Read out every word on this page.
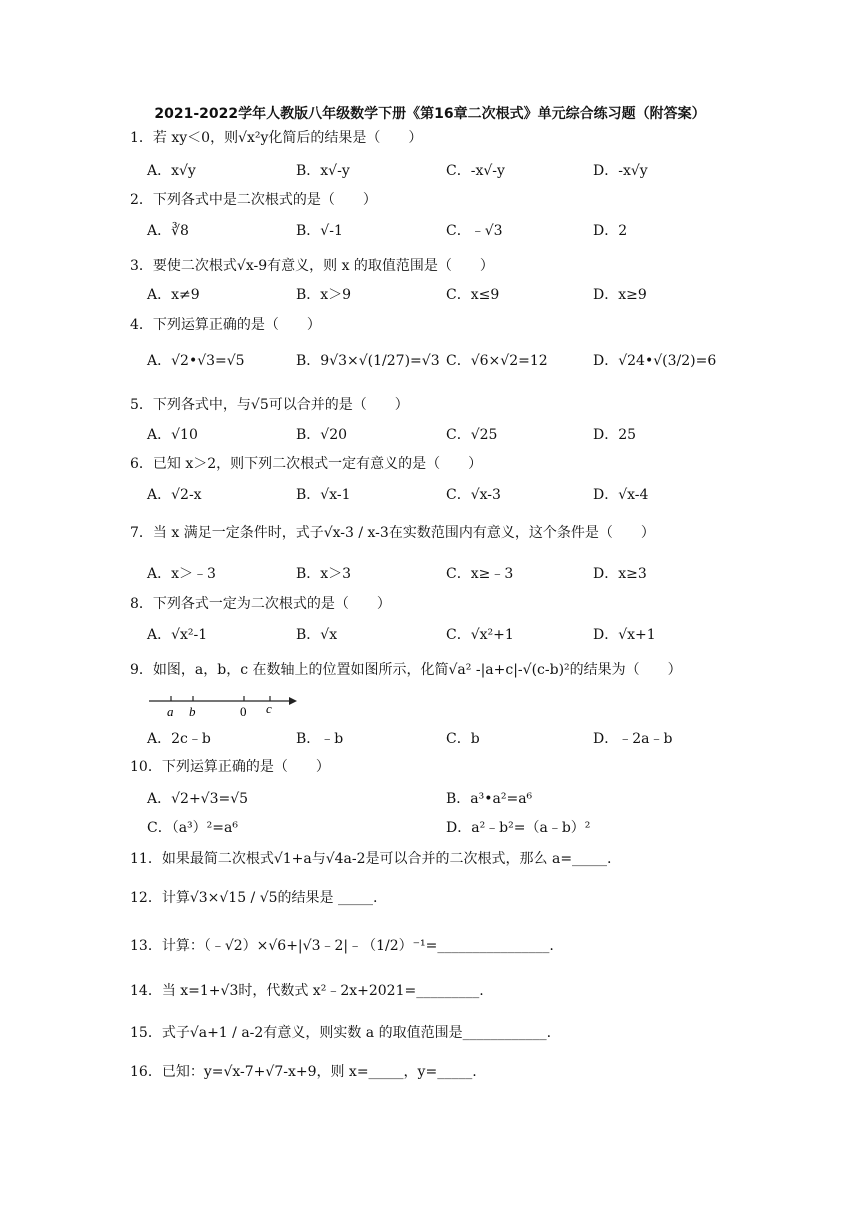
2021-2022学年人教版八年级数学下册《第16章二次根式》单元综合练习题（附答案）
1．若 xy＜0，则√x²y化简后的结果是（　　）
A．x√y	B．x√-y	C．-x√-y	D．-x√y
2．下列各式中是二次根式的是（　　）
A．∛8	B．√-1	C．﹣√3	D．2
3．要使二次根式√x-9有意义，则 x 的取值范围是（　　）
A．x≠9	B．x＞9	C．x≤9	D．x≥9
4．下列运算正确的是（　　）
A．√2•√3=√5	B．9√3×√(1/27)=√3 C．√6×√2=12	D．√24•√(3/2)=6
5．下列各式中，与√5可以合并的是（　　）
A．√10	B．√20	C．√25	D．25
6．已知 x＞2，则下列二次根式一定有意义的是（　　）
A．√2-x	B．√x-1	C．√x-3	D．√x-4
7．当 x 满足一定条件时，式子√x-3 / x-3在实数范围内有意义，这个条件是（　　）
A．x＞﹣3	B．x＞3	C．x≥﹣3	D．x≥3
8．下列各式一定为二次根式的是（　　）
A．√x²-1	B．√x	C．√x²+1	D．√x+1
9．如图，a，b，c 在数轴上的位置如图所示，化简√a² -|a+c|-√(c-b)²的结果为（　　）
a b	0 c
A．2c﹣b	B．﹣b	C．b	D．﹣2a﹣b
10．下列运算正确的是（　　）
A．√2+√3=√5	B．a³•a²=a⁶
C．（a³）²=a⁶	D．a²﹣b²=（a﹣b）²
11．如果最简二次根式√1+a与√4a-2是可以合并的二次根式，那么 a=_____.
12．计算√3×√15 / √5的结果是 _____.
13．计算：（﹣√2）×√6+|√3﹣2|﹣（1/2）⁻¹=________________.
14．当 x=1+√3时，代数式 x²﹣2x+2021=_________.
15．式子√a+1 / a-2有意义，则实数 a 的取值范围是____________.
16．已知：y=√x-7+√7-x+9，则 x=_____，y=_____.
